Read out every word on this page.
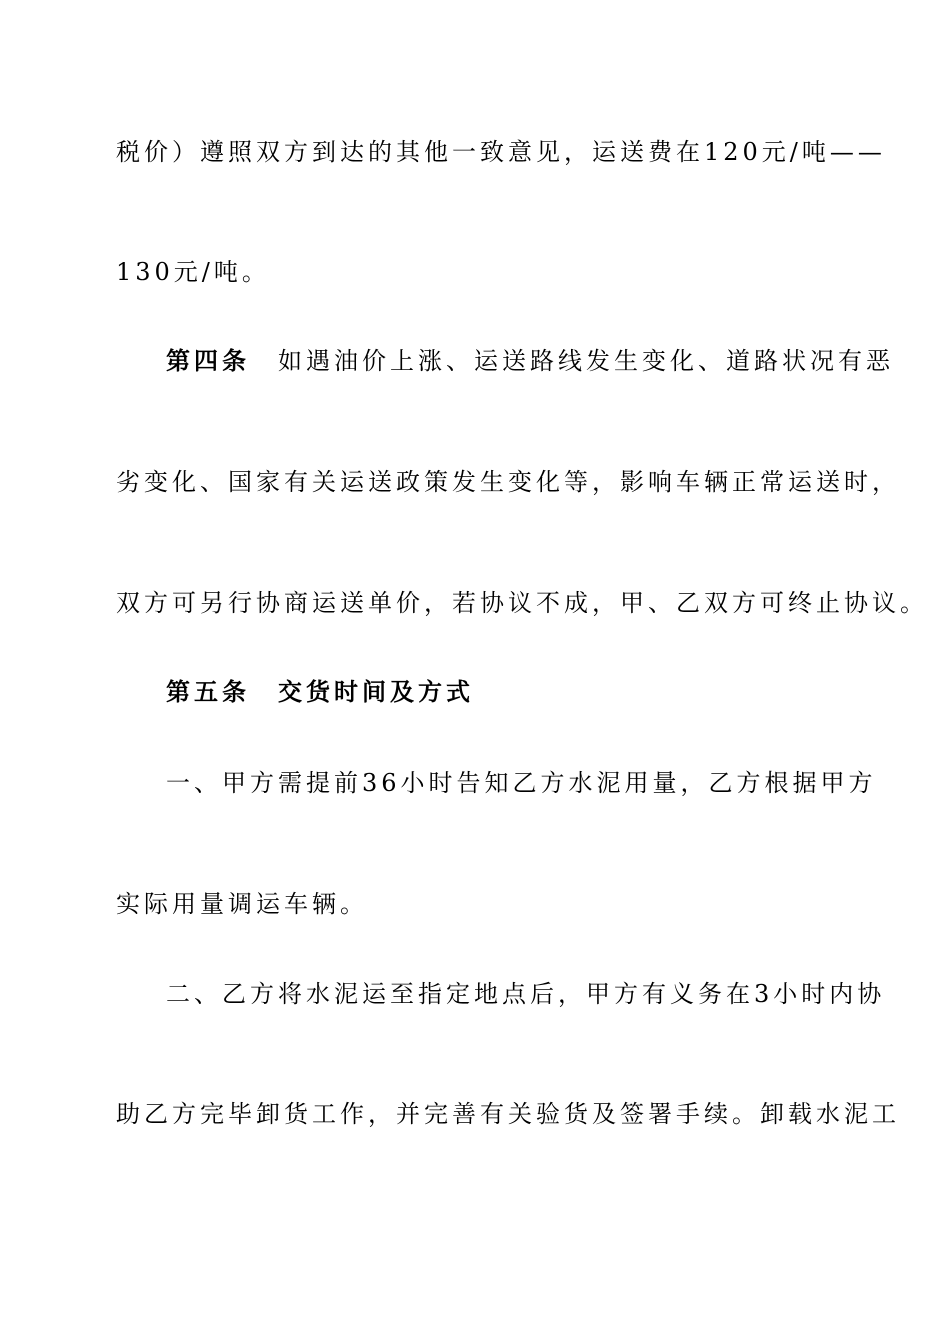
税价）遵照双方到达的其他一致意见，运送费在120元/吨——
130元/吨。
第四条 如遇油价上涨、运送路线发生变化、道路状况有恶
劣变化、国家有关运送政策发生变化等，影响车辆正常运送时，
双方可另行协商运送单价，若协议不成，甲、乙双方可终止协议。
第五条 交货时间及方式
一、甲方需提前36小时告知乙方水泥用量，乙方根据甲方
实际用量调运车辆。
二、乙方将水泥运至指定地点后，甲方有义务在3小时内协
助乙方完毕卸货工作，并完善有关验货及签署手续。卸载水泥工
